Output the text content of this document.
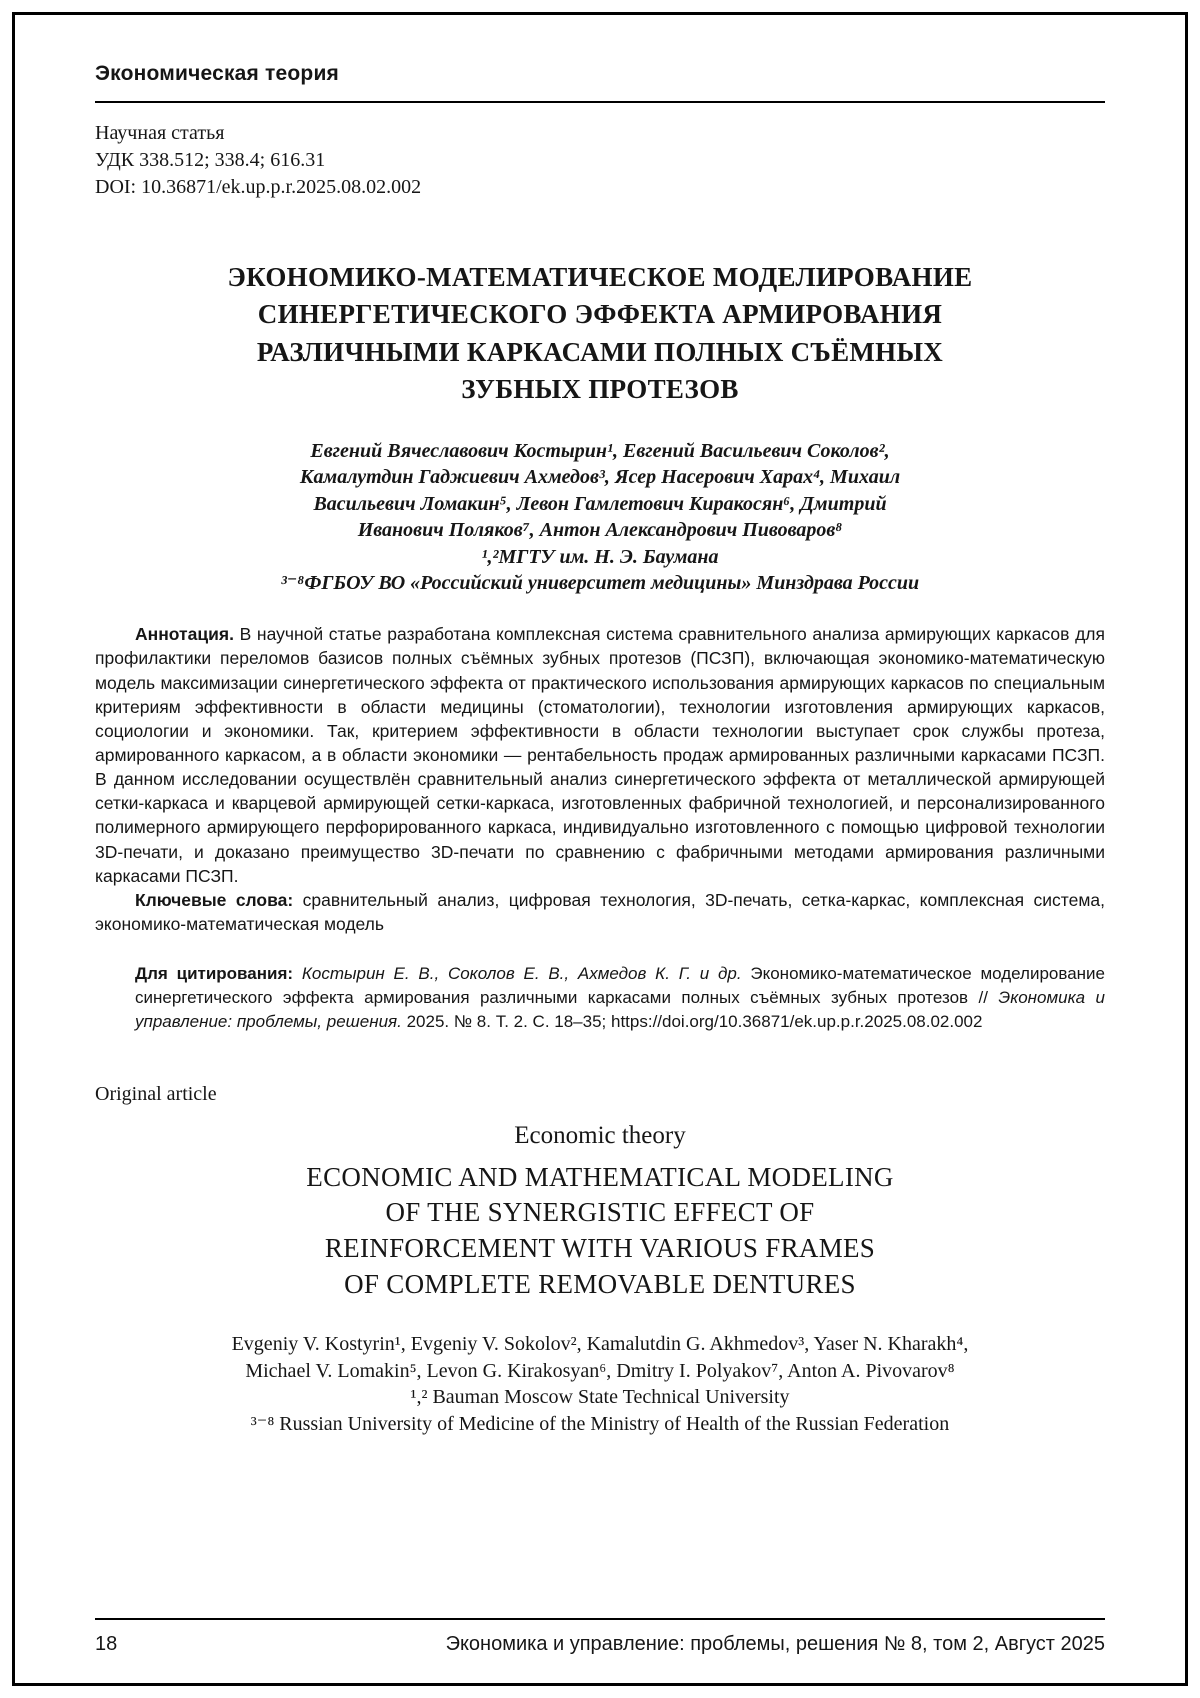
Экономическая теория
Научная статья
УДК 338.512; 338.4; 616.31
DOI: 10.36871/ek.up.p.r.2025.08.02.002
ЭКОНОМИКО-МАТЕМАТИЧЕСКОЕ МОДЕЛИРОВАНИЕ
СИНЕРГЕТИЧЕСКОГО ЭФФЕКТА АРМИРОВАНИЯ
РАЗЛИЧНЫМИ КАРКАСАМИ ПОЛНЫХ СЪЁМНЫХ
ЗУБНЫХ ПРОТЕЗОВ
Евгений Вячеславович Костырин¹, Евгений Васильевич Соколов²,
Камалутдин Гаджиевич Ахмедов³, Ясер Насерович Харах⁴, Михаил
Васильевич Ломакин⁵, Левон Гамлетович Киракосян⁶, Дмитрий
Иванович Поляков⁷, Антон Александрович Пивоваров⁸
¹,²МГТУ им. Н. Э. Баумана
³⁻⁸ФГБОУ ВО «Российский университет медицины» Минздрава России

Аннотация. В научной статье разработана комплексная система сравнительного анализа армирующих каркасов для профилактики переломов базисов полных съёмных зубных протезов (ПСЗП), включающая экономико-математическую модель максимизации синергетического эффекта от практического использования армирующих каркасов по специальным критериям эффективности в области медицины (стоматологии), технологии изготовления армирующих каркасов, социологии и экономики. Так, критерием эффективности в области технологии выступает срок службы протеза, армированного каркасом, а в области экономики — рентабельность продаж армированных различными каркасами ПСЗП. В данном исследовании осуществлён сравнительный анализ синергетического эффекта от металлической армирующей сетки-каркаса и кварцевой армирующей сетки-каркаса, изготовленных фабричной технологией, и персонализированного полимерного армирующего перфорированного каркаса, индивидуально изготовленного с помощью цифровой технологии 3D-печати, и доказано преимущество 3D-печати по сравнению с фабричными методами армирования различными каркасами ПСЗП.

Ключевые слова: сравнительный анализ, цифровая технология, 3D-печать, сетка-каркас, комплексная система, экономико-математическая модель

Для цитирования: Костырин Е. В., Соколов Е. В., Ахмедов К. Г. и др. Экономико-математическое моделирование синергетического эффекта армирования различными каркасами полных съёмных зубных протезов // Экономика и управление: проблемы, решения. 2025. № 8. Т. 2. С. 18–35; https://doi.org/10.36871/ek.up.p.r.2025.08.02.002
Original article
Economic theory
ECONOMIC AND MATHEMATICAL MODELING
OF THE SYNERGISTIC EFFECT OF
REINFORCEMENT WITH VARIOUS FRAMES
OF COMPLETE REMOVABLE DENTURES
Evgeniy V. Kostyrin¹, Evgeniy V. Sokolov², Kamalutdin G. Akhmedov³, Yaser N. Kharakh⁴,
Michael V. Lomakin⁵, Levon G. Kirakosyan⁶, Dmitry I. Polyakov⁷, Anton A. Pivovarov⁸
¹,² Bauman Moscow State Technical University
³⁻⁸ Russian University of Medicine of the Ministry of Health of the Russian Federation
18	Экономика и управление: проблемы, решения № 8, том 2, Август 2025
